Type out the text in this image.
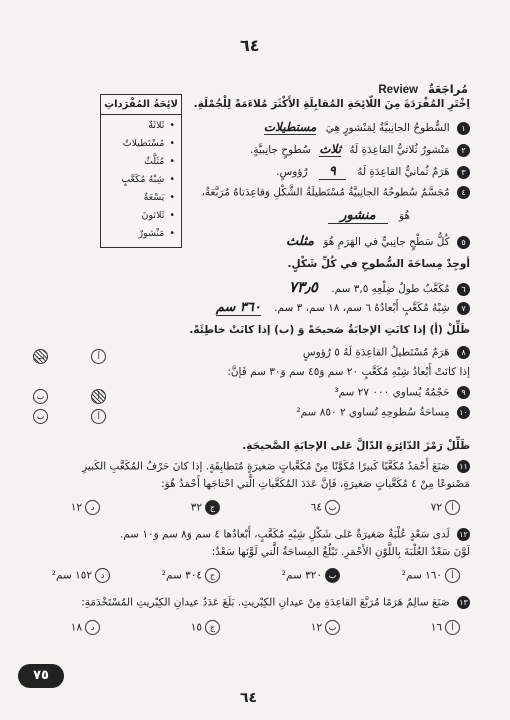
٦٤
مُراجَعَةٌ Review
لائِحَةُ المُفْرَداتِ
• ثَلاثَةٌ
• مُسْتَطيلاتٌ
• مُثَلَّثٌ
• شِبْهُ مُكَعَّبٍ
• يَسْعَةٌ
• ثَلاثونَ
• مَنْشورٌ
اِخْتَرِ المُفْرَدَةَ مِنَ اللّائِحَةِ المُقابِلَةِ الأَكْثَرَ مُلاءَمَةً لِلْجُمْلَةِ.
١ السُّطوحُ الجانِبيَّةُ لِمَنْشورٍ هِيَ مستطيلات
٢ مَنْشورٌ ثُلاثيُّ القاعِدَةِ لَهُ ثلاث سُطوحٍ جانِبيَّةٍ.
٣ هَرَمٌ ثُمانيُّ القاعِدَةِ لَهُ ٩ رُؤوسٍ.
٤ مُجَسَّمٌ سُطوحُهُ الجانِبيَّةُ مُسْتَطيلَةُ الشَّكْلِ وَقاعِدَتاهُ مُرَبَّعَةٌ،
هُوَ منشور
٥ كُلُّ سَطْحٍ جانِبيٍّ في الهَرَمِ هُوَ مثلث
أوجِدْ مِساحَةَ السُّطوحِ في كُلِّ شَكْلٍ.
٦ مُكَعَّبٌ طولُ ضِلْعِهِ ٣,٥ سم. ٧٣٫٥
٧ شِبْهُ مُكَعَّبٍ أَبْعادُهُ ٦ سم، ١٨ سم، ٣ سم. ٣٦٠ سم
ظَلِّلْ (أ) إذا كانَتِ الإجابَةُ صَحيحَةً وَ (ب) إذا كانَتْ خاطِئَةً.
٨ هَرَمٌ مُسْتَطيلُ القاعِدَةِ لَهُ ٥ رُؤوسٍ
إذا كانَتْ أَبْعادُ شِبْهِ مُكَعَّبٍ ٢٠ سم وَ٤٥ سم وَ٣٠ سم فَإنَّ:
٩ حَجْمُهُ يُساوي ٠٠٠ ٢٧ سم³
١٠ مِساحَةُ سُطوحِهِ تُساوي ٢ ٨٥٠ سم²
ب	أ
ب	أ
ب	أ
ظَلِّلْ رَمْزَ الدّائِرَةِ الدّالَّ عَلى الإجابَةِ الصَّحيحَةِ.
١١ صَنَعَ أَحْمَدُ مُكَعَّبًا كَبيرًا مُكَوَّنًا مِنْ مُكَعَّباتٍ صَغيرَةٍ مُتَطابِقَةٍ. إذا كانَ حَرْفُ المُكَعَّبِ الكَبيرِ
مَصْنوعًا مِنْ ٤ مُكَعَّباتٍ صَغيرَةٍ، فَإنَّ عَدَدَ المُكَعَّباتِ الَّتي احْتاجَها أَحْمَدُ هُوَ:
أ٧٢
ب٦٤
ج٣٢
د١٢
١٢ لَدى سَعْدٍ عُلْبَةٌ صَغيرَةٌ عَلى شَكْلِ شِبْهِ مُكَعَّبٍ، أَبْعادُها ٤ سم وَ٨ سم وَ١٠ سم.
لَوَّنَ سَعْدٌ العُلْبَةَ بِاللَّوْنِ الأَحْمَرِ. تَبْلُغُ المِساحَةُ الَّتي لَوَّنَها سَعْدٌ:
أ١٦٠ سم²
ب٣٢٠ سم²
ج٣٠٤ سم²
د١٥٢ سم²
١٣ صَنَعَ سالِمٌ هَرَمًا مُرَبَّعَ القاعِدَةِ مِنْ عيدانِ الكِبْريتِ. بَلَغَ عَدَدُ عيدانِ الكِبْريتِ المُسْتَخْدَمَةِ:
أ١٦
ب١٢
ج١٥
د١٨
٧٥
٦٤
